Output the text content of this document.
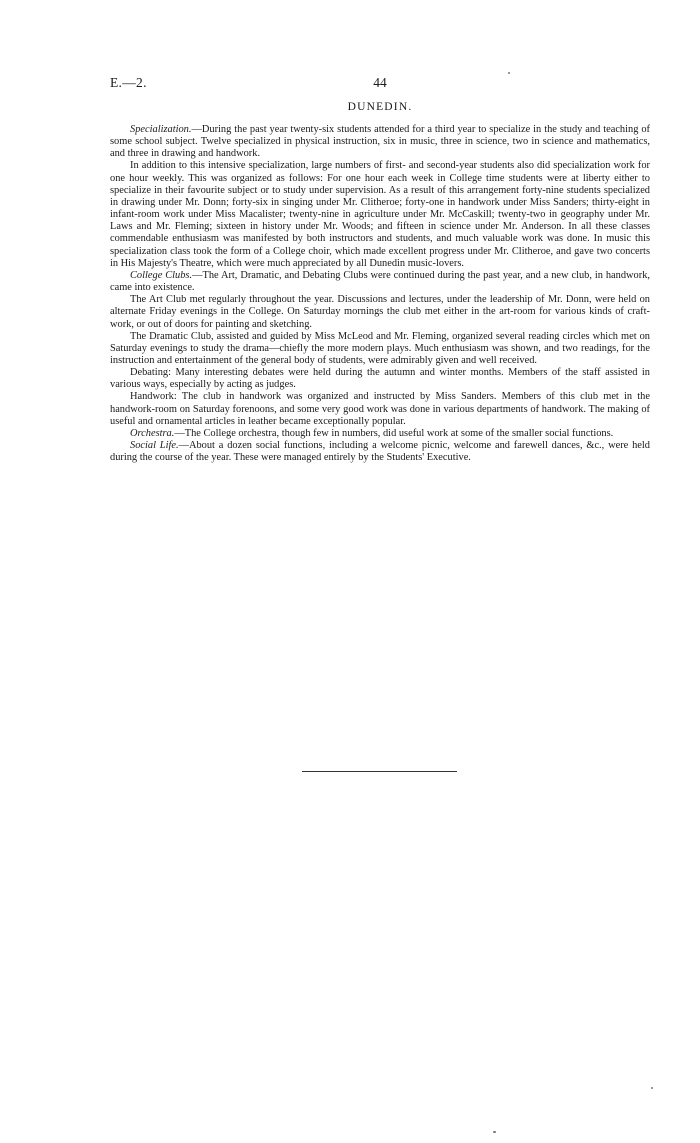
E.—2.	44
DUNEDIN.

Specialization.—During the past year twenty-six students attended for a third year to specialize in the study and teaching of some school subject. Twelve specialized in physical instruction, six in music, three in science, two in science and mathematics, and three in drawing and handwork.

In addition to this intensive specialization, large numbers of first- and second-year students also did specialization work for one hour weekly. This was organized as follows: For one hour each week in College time students were at liberty either to specialize in their favourite subject or to study under supervision. As a result of this arrangement forty-nine students specialized in drawing under Mr. Donn; forty-six in singing under Mr. Clitheroe; forty-one in handwork under Miss Sanders; thirty-eight in infant-room work under Miss Macalister; twenty-nine in agriculture under Mr. McCaskill; twenty-two in geography under Mr. Laws and Mr. Fleming; sixteen in history under Mr. Woods; and fifteen in science under Mr. Anderson. In all these classes commendable enthusiasm was manifested by both instructors and students, and much valuable work was done. In music this specialization class took the form of a College choir, which made excellent progress under Mr. Clitheroe, and gave two concerts in His Majesty's Theatre, which were much appreciated by all Dunedin music-lovers.

College Clubs.—The Art, Dramatic, and Debating Clubs were continued during the past year, and a new club, in handwork, came into existence.

The Art Club met regularly throughout the year. Discussions and lectures, under the leadership of Mr. Donn, were held on alternate Friday evenings in the College. On Saturday mornings the club met either in the art-room for various kinds of craft-work, or out of doors for painting and sketching.

The Dramatic Club, assisted and guided by Miss McLeod and Mr. Fleming, organized several reading circles which met on Saturday evenings to study the drama—chiefly the more modern plays. Much enthusiasm was shown, and two readings, for the instruction and entertainment of the general body of students, were admirably given and well received.

Debating: Many interesting debates were held during the autumn and winter months. Members of the staff assisted in various ways, especially by acting as judges.

Handwork: The club in handwork was organized and instructed by Miss Sanders. Members of this club met in the handwork-room on Saturday forenoons, and some very good work was done in various departments of handwork. The making of useful and ornamental articles in leather became exceptionally popular.

Orchestra.—The College orchestra, though few in numbers, did useful work at some of the smaller social functions.

Social Life.—About a dozen social functions, including a welcome picnic, welcome and farewell dances, &c., were held during the course of the year. These were managed entirely by the Students' Executive.
